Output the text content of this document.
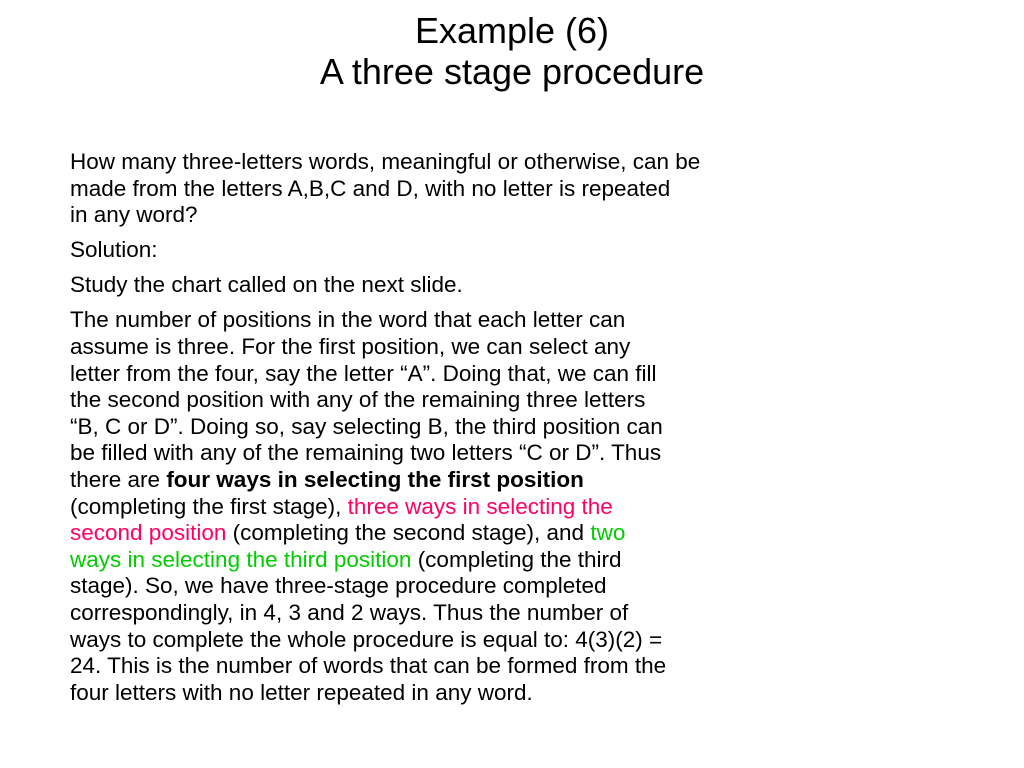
Example (6)
A three stage procedure

How many three-letters words, meaningful or otherwise, can be
made from the letters A,B,C and D, with no letter is repeated
in any word?

Solution:

Study the chart called on the next slide.

The number of positions in the word that each letter can
assume is three. For the first position, we can select any
letter from the four, say the letter “A”. Doing that, we can fill
the second position with any of the remaining three letters
“B, C or D”. Doing so, say selecting B, the third position can
be filled with any of the remaining two letters “C or D”. Thus
there are four ways in selecting the first position
(completing the first stage), three ways in selecting the
second position (completing the second stage), and two
ways in selecting the third position (completing the third
stage). So, we have three-stage procedure completed
correspondingly, in 4, 3 and 2 ways. Thus the number of
ways to complete the whole procedure is equal to: 4(3)(2) =
24. This is the number of words that can be formed from the
four letters with no letter repeated in any word.
